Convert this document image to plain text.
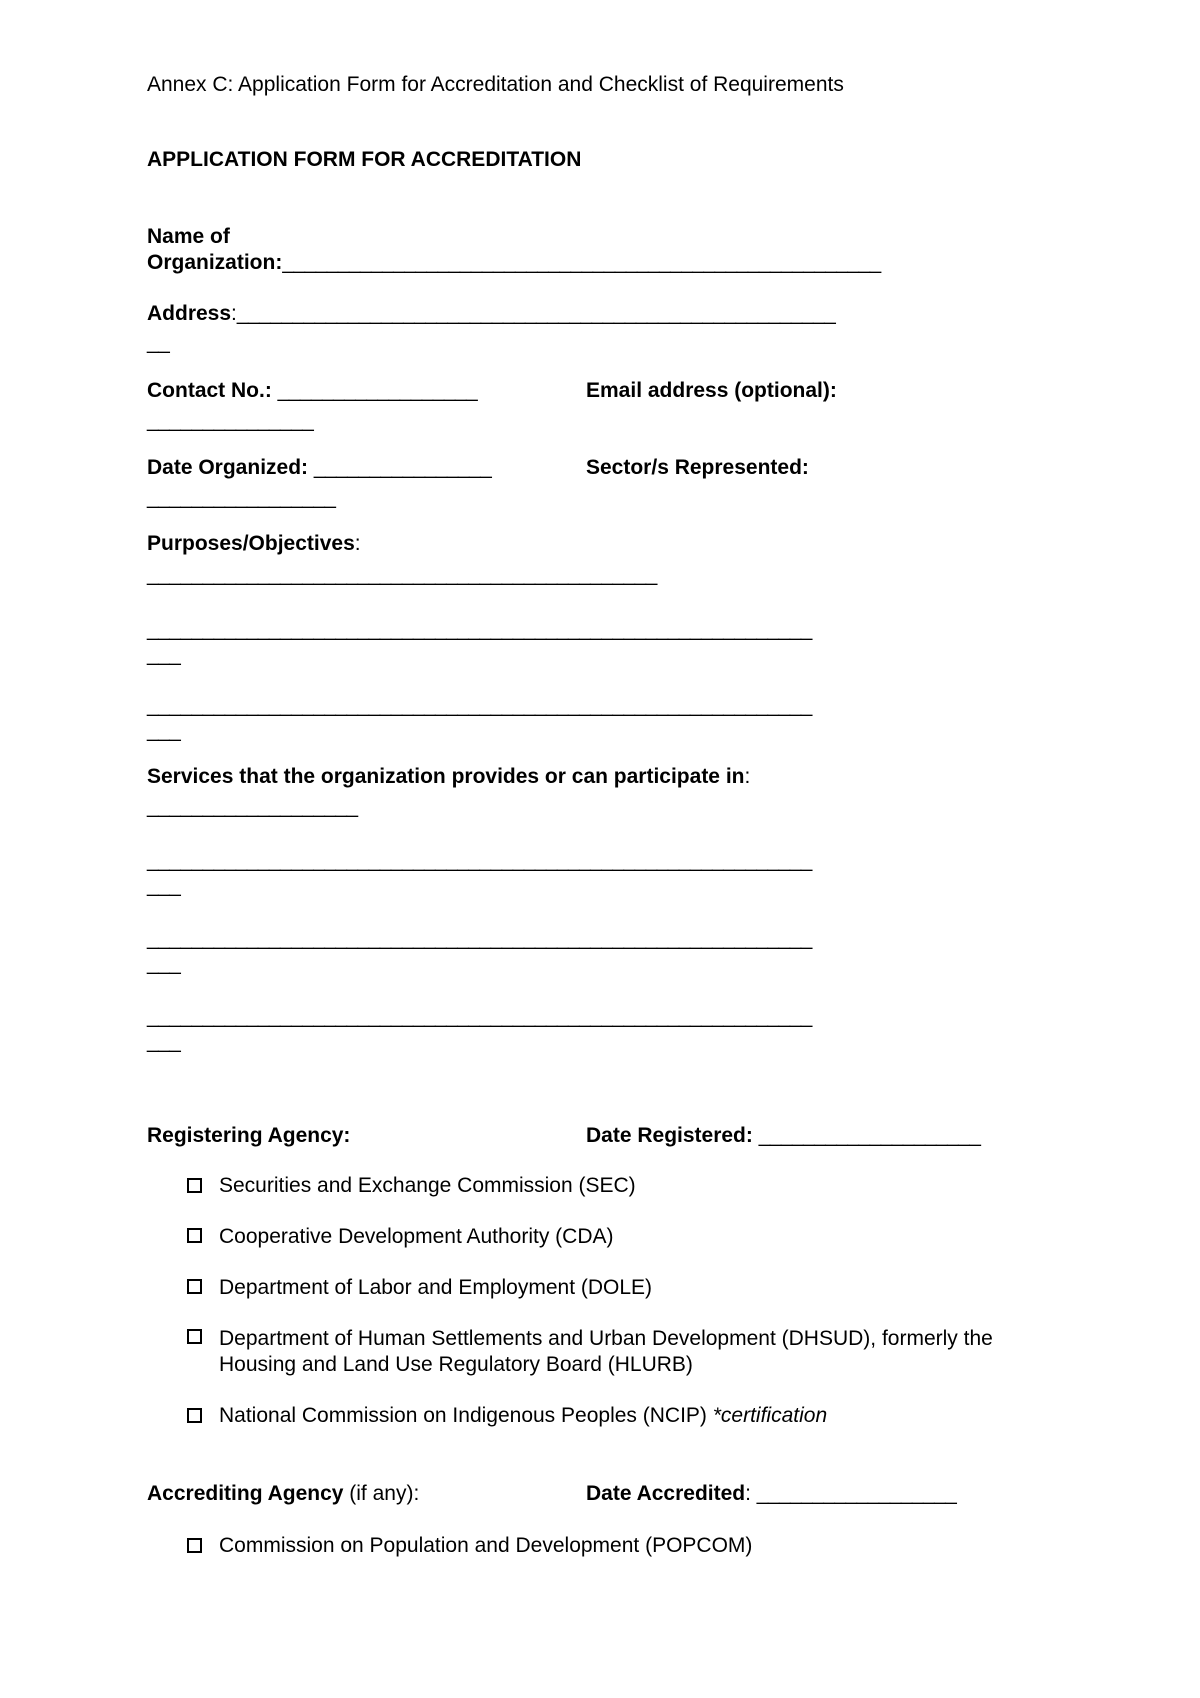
Annex C: Application Form for Accreditation and Checklist of Requirements
APPLICATION FORM FOR ACCREDITATION
Name of
Organization:______________________________________________________
Address:______________________________________________________
__
Contact No.: __________________	Email address (optional):
_______________
Date Organized: ________________	Sector/s Represented:
_________________
Purposes/Objectives:
______________________________________________
____________________________________________________________
___
____________________________________________________________
___
Services that the organization provides or can participate in:
___________________
____________________________________________________________
___
____________________________________________________________
___
____________________________________________________________
___
Registering Agency:	Date Registered: ____________________
Securities and Exchange Commission (SEC)
Cooperative Development Authority (CDA)
Department of Labor and Employment (DOLE)
Department of Human Settlements and Urban Development (DHSUD), formerly the
Housing and Land Use Regulatory Board (HLURB)
National Commission on Indigenous Peoples (NCIP) *certification
Accrediting Agency (if any):	Date Accredited: __________________
Commission on Population and Development (POPCOM)
